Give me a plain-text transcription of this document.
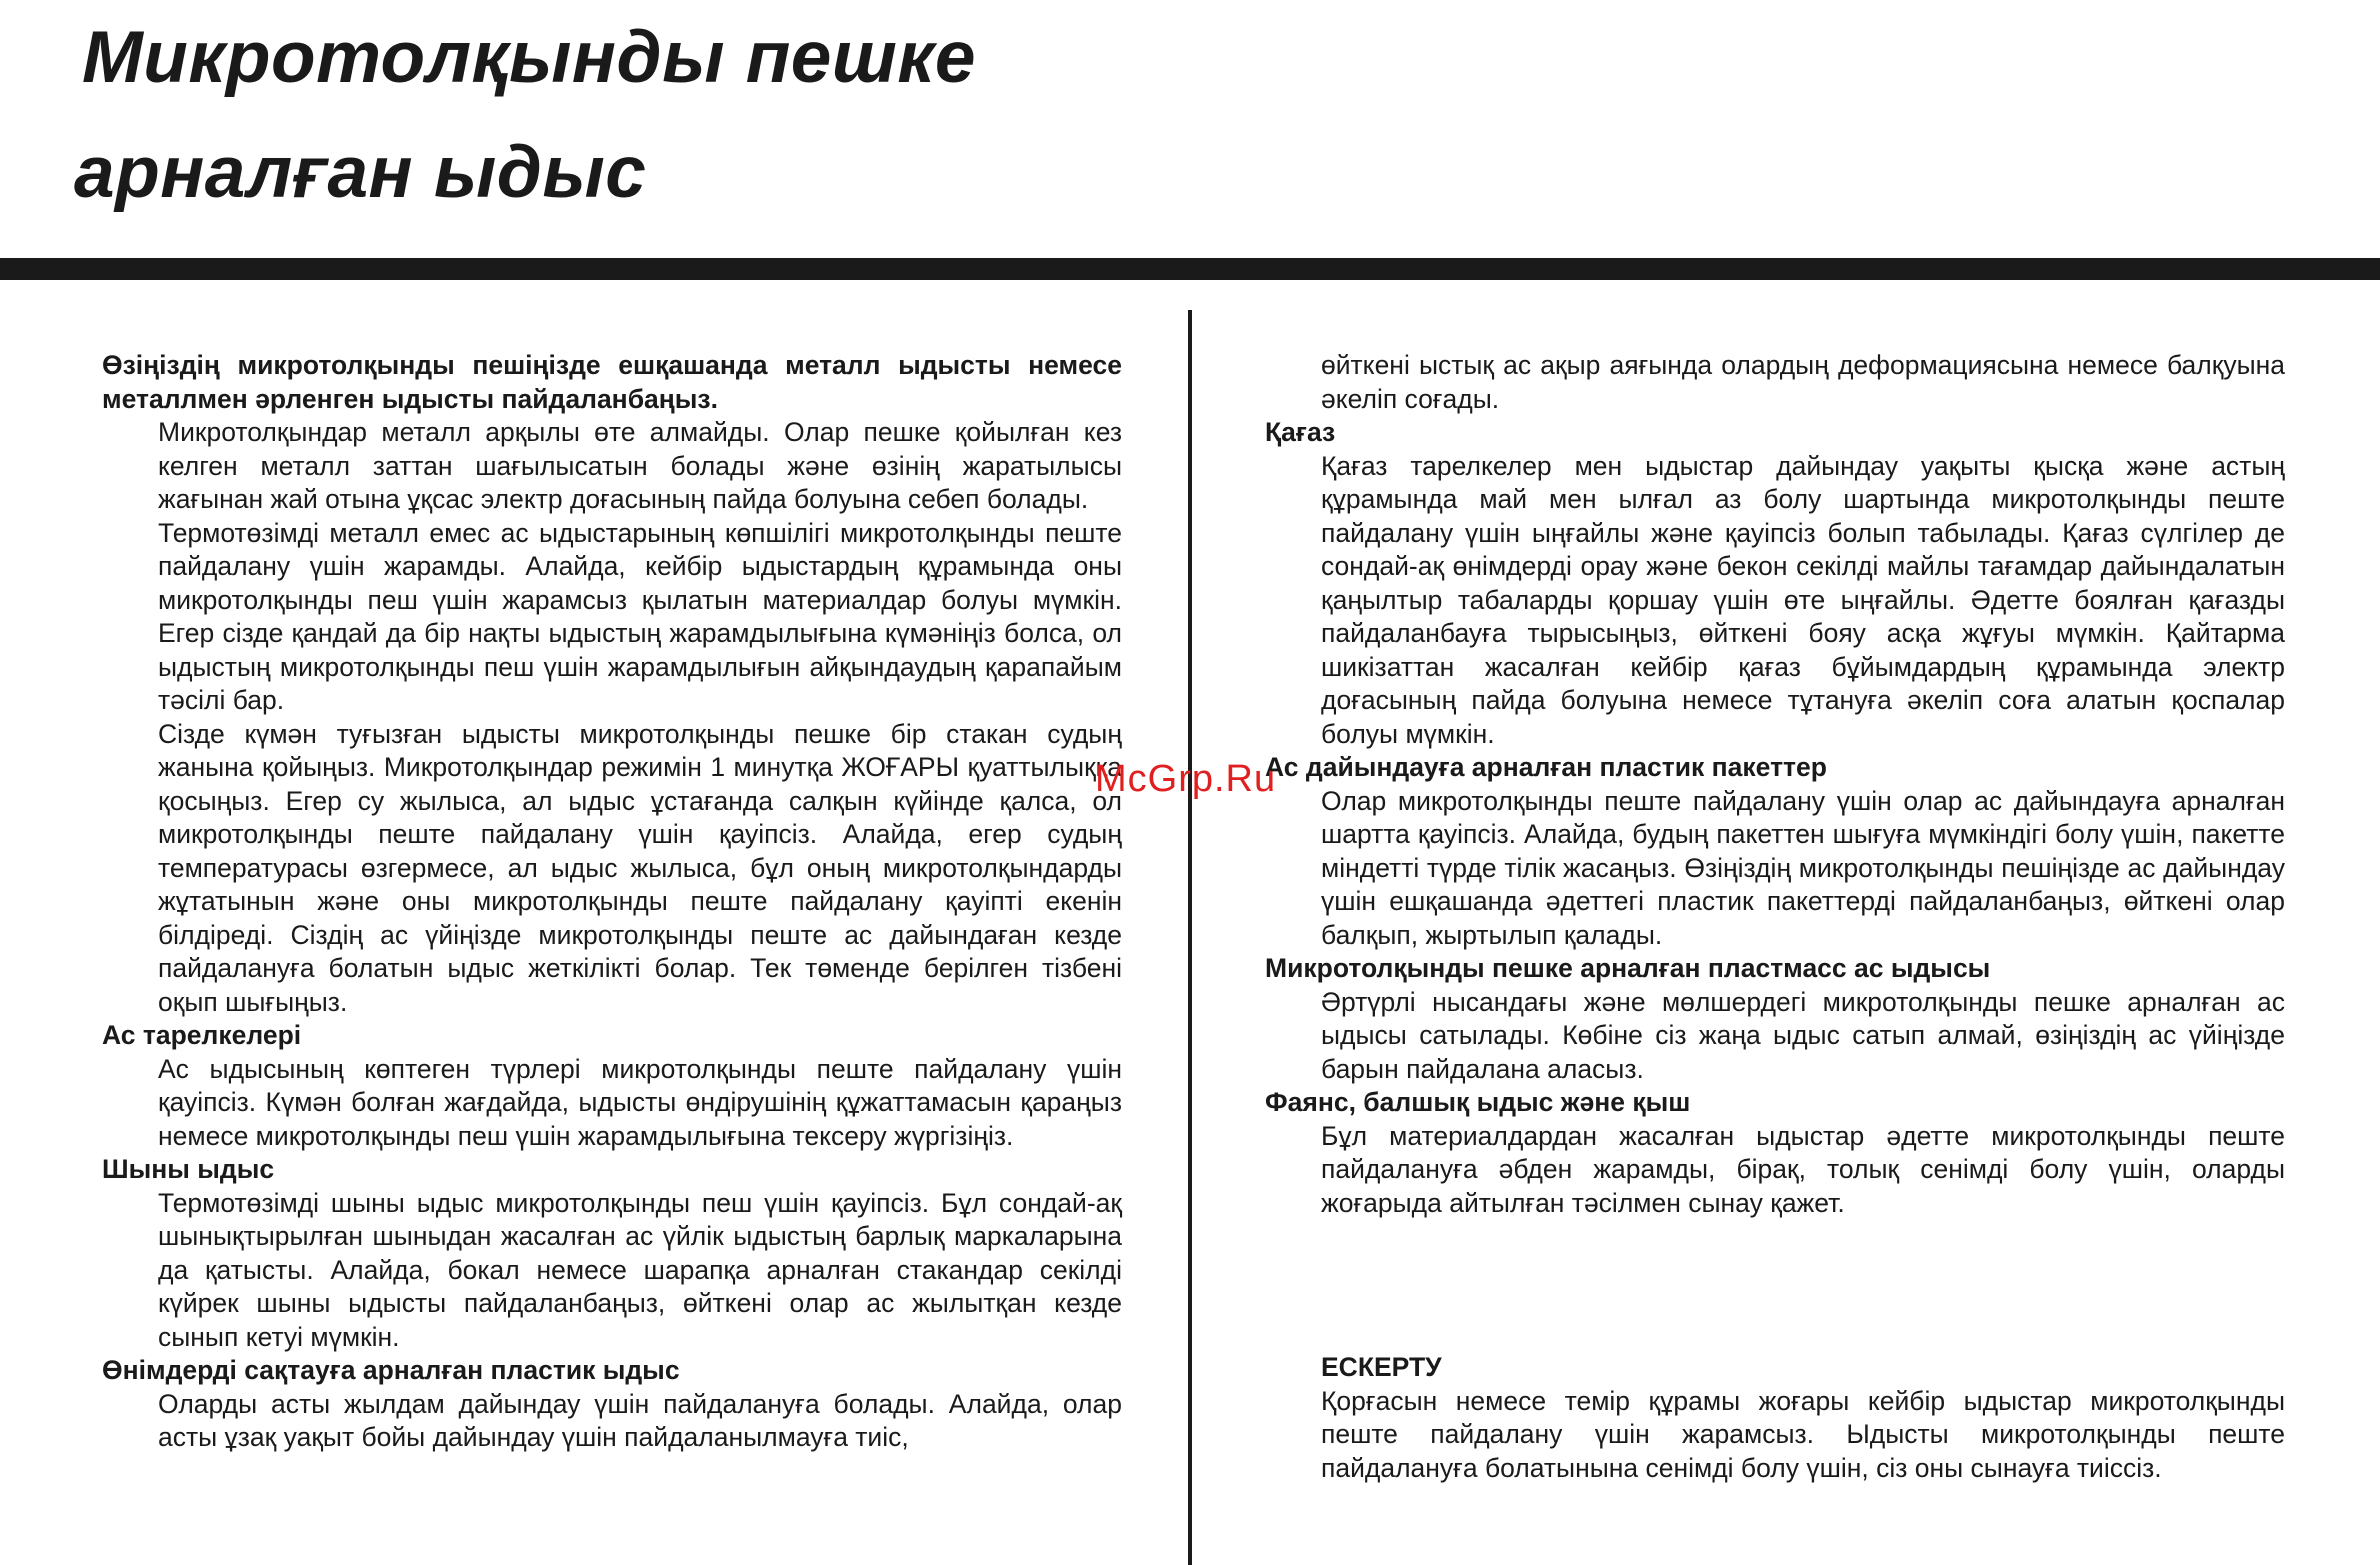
Микротолқынды пешке
арналған ыдыс

Өзіңіздің микротолқынды пешіңізде ешқашанда металл ыдысты немесе металлмен әрленген ыдысты пайдаланбаңыз.

Микротолқындар металл арқылы өте алмайды. Олар пешке қойылған кез келген металл заттан шағылысатын болады және өзінің жаратылысы жағынан жай отына ұқсас электр доғасының пайда болуына себеп болады.

Термотөзімді металл емес ас ыдыстарының көпшілігі микротолқынды пеште пайдалану үшін жарамды. Алайда, кейбір ыдыстардың құрамында оны микротолқынды пеш үшін жарамсыз қылатын материалдар болуы мүмкін. Егер сізде қандай да бір нақты ыдыстың жарамдылығына күмәніңіз болса, ол ыдыстың микротолқынды пеш үшін жарамдылығын айқындаудың қарапайым тәсілі бар.

Сізде күмән туғызған ыдысты микротолқынды пешке бір стакан судың жанына қойыңыз. Микротолқындар режимін 1 минутқа ЖОҒАРЫ қуаттылыққа қосыңыз. Егер су жылыса, ал ыдыс ұстағанда салқын күйінде қалса, ол микротолқынды пеште пайдалану үшін қауіпсіз. Алайда, егер судың температурасы өзгермесе, ал ыдыс жылыса, бұл оның микротолқындарды жұтатынын және оны микротолқынды пеште пайдалану қауіпті екенін білдіреді. Сіздің ас үйіңізде микротолқынды пеште ас дайындаған кезде пайдалануға болатын ыдыс жеткілікті болар. Тек төменде берілген тізбені оқып шығыңыз.

Ас тарелкелері

Ас ыдысының көптеген түрлері микротолқынды пеште пайдалану үшін қауіпсіз. Күмән болған жағдайда, ыдысты өндірушінің құжаттамасын қараңыз немесе микротолқынды пеш үшін жарамдылығына тексеру жүргізіңіз.

Шыны ыдыс

Термотөзімді шыны ыдыс микротолқынды пеш үшін қауіпсіз. Бұл сондай-ақ шынықтырылған шыныдан жасалған ас үйлік ыдыстың барлық маркаларына да қатысты. Алайда, бокал немесе шарапқа арналған стакандар секілді күйрек шыны ыдысты пайдаланбаңыз, өйткені олар ас жылытқан кезде сынып кетуі мүмкін.

Өнімдерді сақтауға арналған пластик ыдыс

Оларды асты жылдам дайындау үшін пайдалануға болады. Алайда, олар асты ұзақ уақыт бойы дайындау үшін пайдаланылмауға тиіс,

өйткені ыстық ас ақыр аяғында олардың деформациясына немесе балқуына әкеліп соғады.

Қағаз

Қағаз тарелкелер мен ыдыстар дайындау уақыты қысқа және астың құрамында май мен ылғал аз болу шартында микротолқынды пеште пайдалану үшін ыңғайлы және қауіпсіз болып табылады. Қағаз сүлгілер де сондай-ақ өнімдерді орау және бекон секілді майлы тағамдар дайындалатын қаңылтыр табаларды қоршау үшін өте ыңғайлы. Әдетте боялған қағазды пайдаланбауға тырысыңыз, өйткені бояу асқа жұғуы мүмкін. Қайтарма шикізаттан жасалған кейбір қағаз бұйымдардың құрамында электр доғасының пайда болуына немесе тұтануға әкеліп соға алатын қоспалар болуы мүмкін.

Ас дайындауға арналған пластик пакеттер

Олар микротолқынды пеште пайдалану үшін олар ас дайындауға арналған шартта қауіпсіз. Алайда, будың пакеттен шығуға мүмкіндігі болу үшін, пакетте міндетті түрде тілік жасаңыз. Өзіңіздің микротолқынды пешіңізде ас дайындау үшін ешқашанда әдеттегі пластик пакеттерді пайдаланбаңыз, өйткені олар балқып, жыртылып қалады.

Микротолқынды пешке арналған пластмасс ас ыдысы

Әртүрлі нысандағы және мөлшердегі микротолқынды пешке арналған ас ыдысы сатылады. Көбіне сіз жаңа ыдыс сатып алмай, өзіңіздің ас үйіңізде барын пайдалана аласыз.

Фаянс, балшық ыдыс және қыш

Бұл материалдардан жасалған ыдыстар әдетте микротолқынды пеште пайдалануға әбден жарамды, бірақ, толық сенімді болу үшін, оларды жоғарыда айтылған тәсілмен сынау қажет.

ЕСКЕРТУ

Қорғасын немесе темір құрамы жоғары кейбір ыдыстар микротолқынды пеште пайдалану үшін жарамсыз. Ыдысты микротолқынды пеште пайдалануға болатынына сенімді болу үшін, сіз оны сынауға тиіссіз.

McGrp.Ru
